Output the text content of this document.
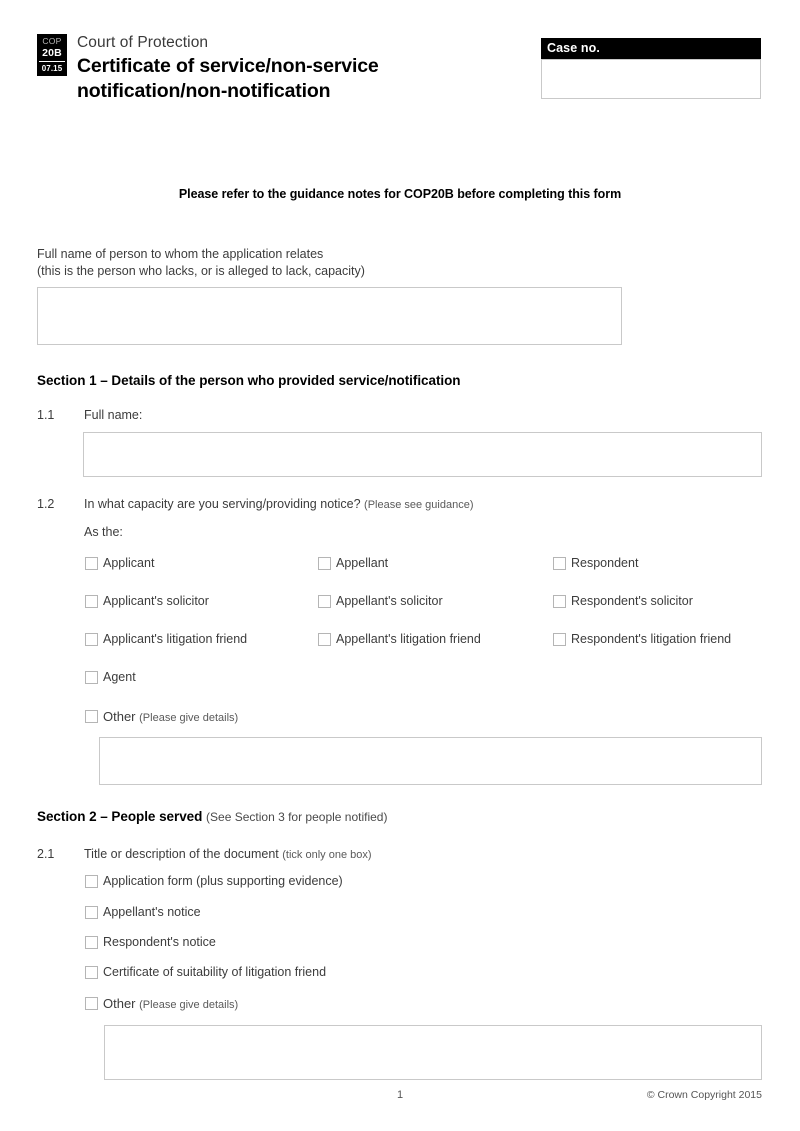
COP
20B
07.15
Court of Protection
Certificate of service/non-service notification/non-notification
Case no.
Please refer to the guidance notes for COP20B before completing this form
Full name of person to whom the application relates
(this is the person who lacks, or is alleged to lack, capacity)
Section 1 – Details of the person who provided service/notification
1.1	Full name:
1.2	In what capacity are you serving/providing notice? (Please see guidance)
As the:
Applicant	Appellant	Respondent
Applicant's solicitor	Appellant's solicitor	Respondent's solicitor
Applicant's litigation friend	Appellant's litigation friend	Respondent's litigation friend
Agent
Other (Please give details)
Section 2 – People served (See Section 3 for people notified)
2.1	Title or description of the document (tick only one box)
Application form (plus supporting evidence)
Appellant's notice
Respondent's notice
Certificate of suitability of litigation friend
Other (Please give details)
1	© Crown Copyright 2015
